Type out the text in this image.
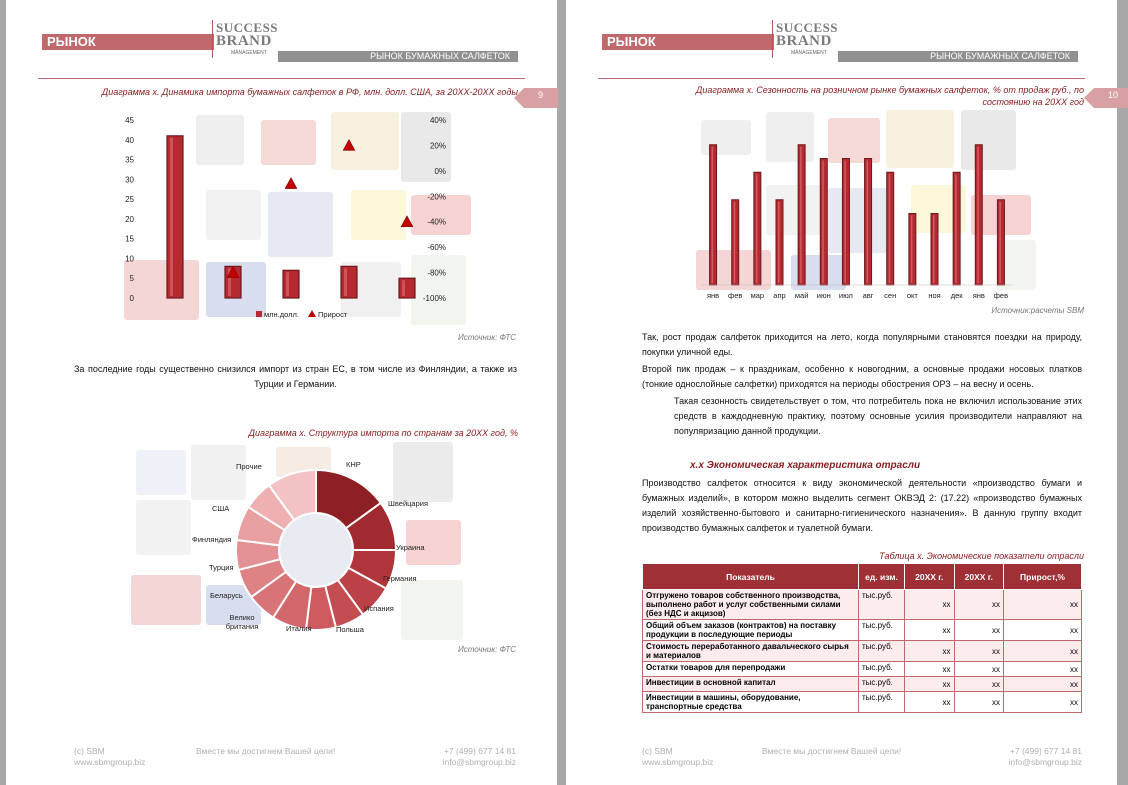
РЫНОК
SUCCESS
BRAND
MANAGEMENT	РЫНОК БУМАЖНЫХ САЛФЕТОК
9
Диаграмма х. Динамика импорта бумажных салфеток в РФ, млн. долл. США, за 20ХХ-20ХХ годы
45
40
35
30
25
20
15
10
5
0
40%
20%
0%
-20%
-40%
-60%
-80%
-100%
млн.долл.	Прирост
Источник: ФТС
За последние годы существенно снизился импорт из стран ЕС, в том числе из Финляндии, а также из Турции и Германии.
Диаграмма х. Структура импорта по странам за 20ХХ год, %
КНР
Швейцария
Украина
Германия
Испания
Польша
Италия
Велико
британия
Беларусь
Турция
Финляндия
США
Прочие
Источник: ФТС
(c) SBM
www.sbmgroup.biz
Вместе мы достигнем Вашей цели!	+7 (499) 677 14 81
info@sbmgroup.biz
РЫНОК
SUCCESS
BRAND
MANAGEMENT	РЫНОК БУМАЖНЫХ САЛФЕТОК
10
Диаграмма х. Сезонность на розничном рынке бумажных салфеток, % от продаж руб., по состоянию на 20ХХ год
янв фев мар апр май июн июл авг сен окт ноя дек янв фев
Источник:расчеты SBM
Так, рост продаж салфеток приходится на лето, когда популярными становятся поездки на природу, покупки уличной еды.
Второй пик продаж – к праздникам, особенно к новогодним, а основные продажи носовых платков (тонкие однослойные салфетки) приходятся на периоды обострения ОРЗ – на весну и осень.
Такая сезонность свидетельствует о том, что потребитель пока не включил использование этих средств в каждодневную практику, поэтому основные усилия производители направляют на популяризацию данной продукции.
х.х Экономическая характеристика отрасли
Производство салфеток относится к виду экономической деятельности «производство бумаги и бумажных изделий», в котором можно выделить сегмент ОКВЭД 2: (17.22) «производство бумажных изделий хозяйственно-бытового и санитарно-гигиенического назначения». В данную группу входит производство бумажных салфеток и туалетной бумаги.
Таблица х. Экономические показатели отрасли
Показатель	ед. изм.	20ХХ г.	20ХХ г.	Прирост,%
Отгружено товаров собственного производства, выполнено работ и услуг собственными силами (без НДС и акцизов)	тыс.руб.	хх	хх	хх
Общий объем заказов (контрактов) на поставку продукции в последующие периоды	тыс.руб.	хх	хх	хх
Стоимость переработанного давальческого сырья и материалов	тыс.руб.	хх	хх	хх
Остатки товаров для перепродажи	тыс.руб.	хх	хх	хх
Инвестиции в основной капитал	тыс.руб.	хх	хх	хх
Инвестиции в машины, оборудование, транспортные средства	тыс.руб.	хх	хх	хх
(c) SBM
www.sbmgroup.biz
Вместе мы достигнем Вашей цели!	+7 (499) 677 14 81
info@sbmgroup.biz
